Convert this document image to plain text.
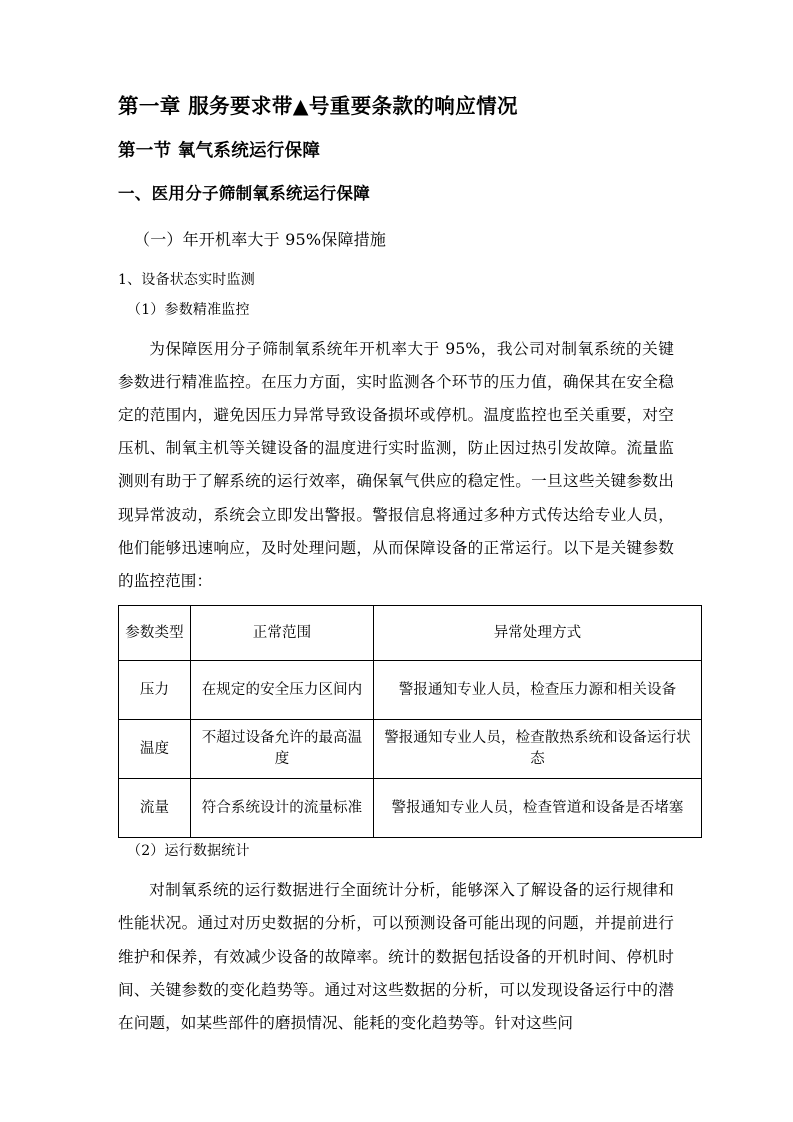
第一章 服务要求带▲号重要条款的响应情况
第一节 氧气系统运行保障
一、医用分子筛制氧系统运行保障
（一）年开机率大于 95%保障措施

1、设备状态实时监测

（1）参数精准监控

为保障医用分子筛制氧系统年开机率大于 95%，我公司对制氧系统的关键参数进行精准监控。在压力方面，实时监测各个环节的压力值，确保其在安全稳定的范围内，避免因压力异常导致设备损坏或停机。温度监控也至关重要，对空压机、制氧主机等关键设备的温度进行实时监测，防止因过热引发故障。流量监测则有助于了解系统的运行效率，确保氧气供应的稳定性。一旦这些关键参数出现异常波动，系统会立即发出警报。警报信息将通过多种方式传达给专业人员，他们能够迅速响应，及时处理问题，从而保障设备的正常运行。以下是关键参数的监控范围：

参数类型	正常范围	异常处理方式
压力	在规定的安全压力区间内	警报通知专业人员，检查压力源和相关设备
温度	不超过设备允许的最高温度	警报通知专业人员，检查散热系统和设备运行状态
流量	符合系统设计的流量标准	警报通知专业人员，检查管道和设备是否堵塞

（2）运行数据统计

对制氧系统的运行数据进行全面统计分析，能够深入了解设备的运行规律和性能状况。通过对历史数据的分析，可以预测设备可能出现的问题，并提前进行维护和保养，有效减少设备的故障率。统计的数据包括设备的开机时间、停机时间、关键参数的变化趋势等。通过对这些数据的分析，可以发现设备运行中的潜在问题，如某些部件的磨损情况、能耗的变化趋势等。针对这些问
